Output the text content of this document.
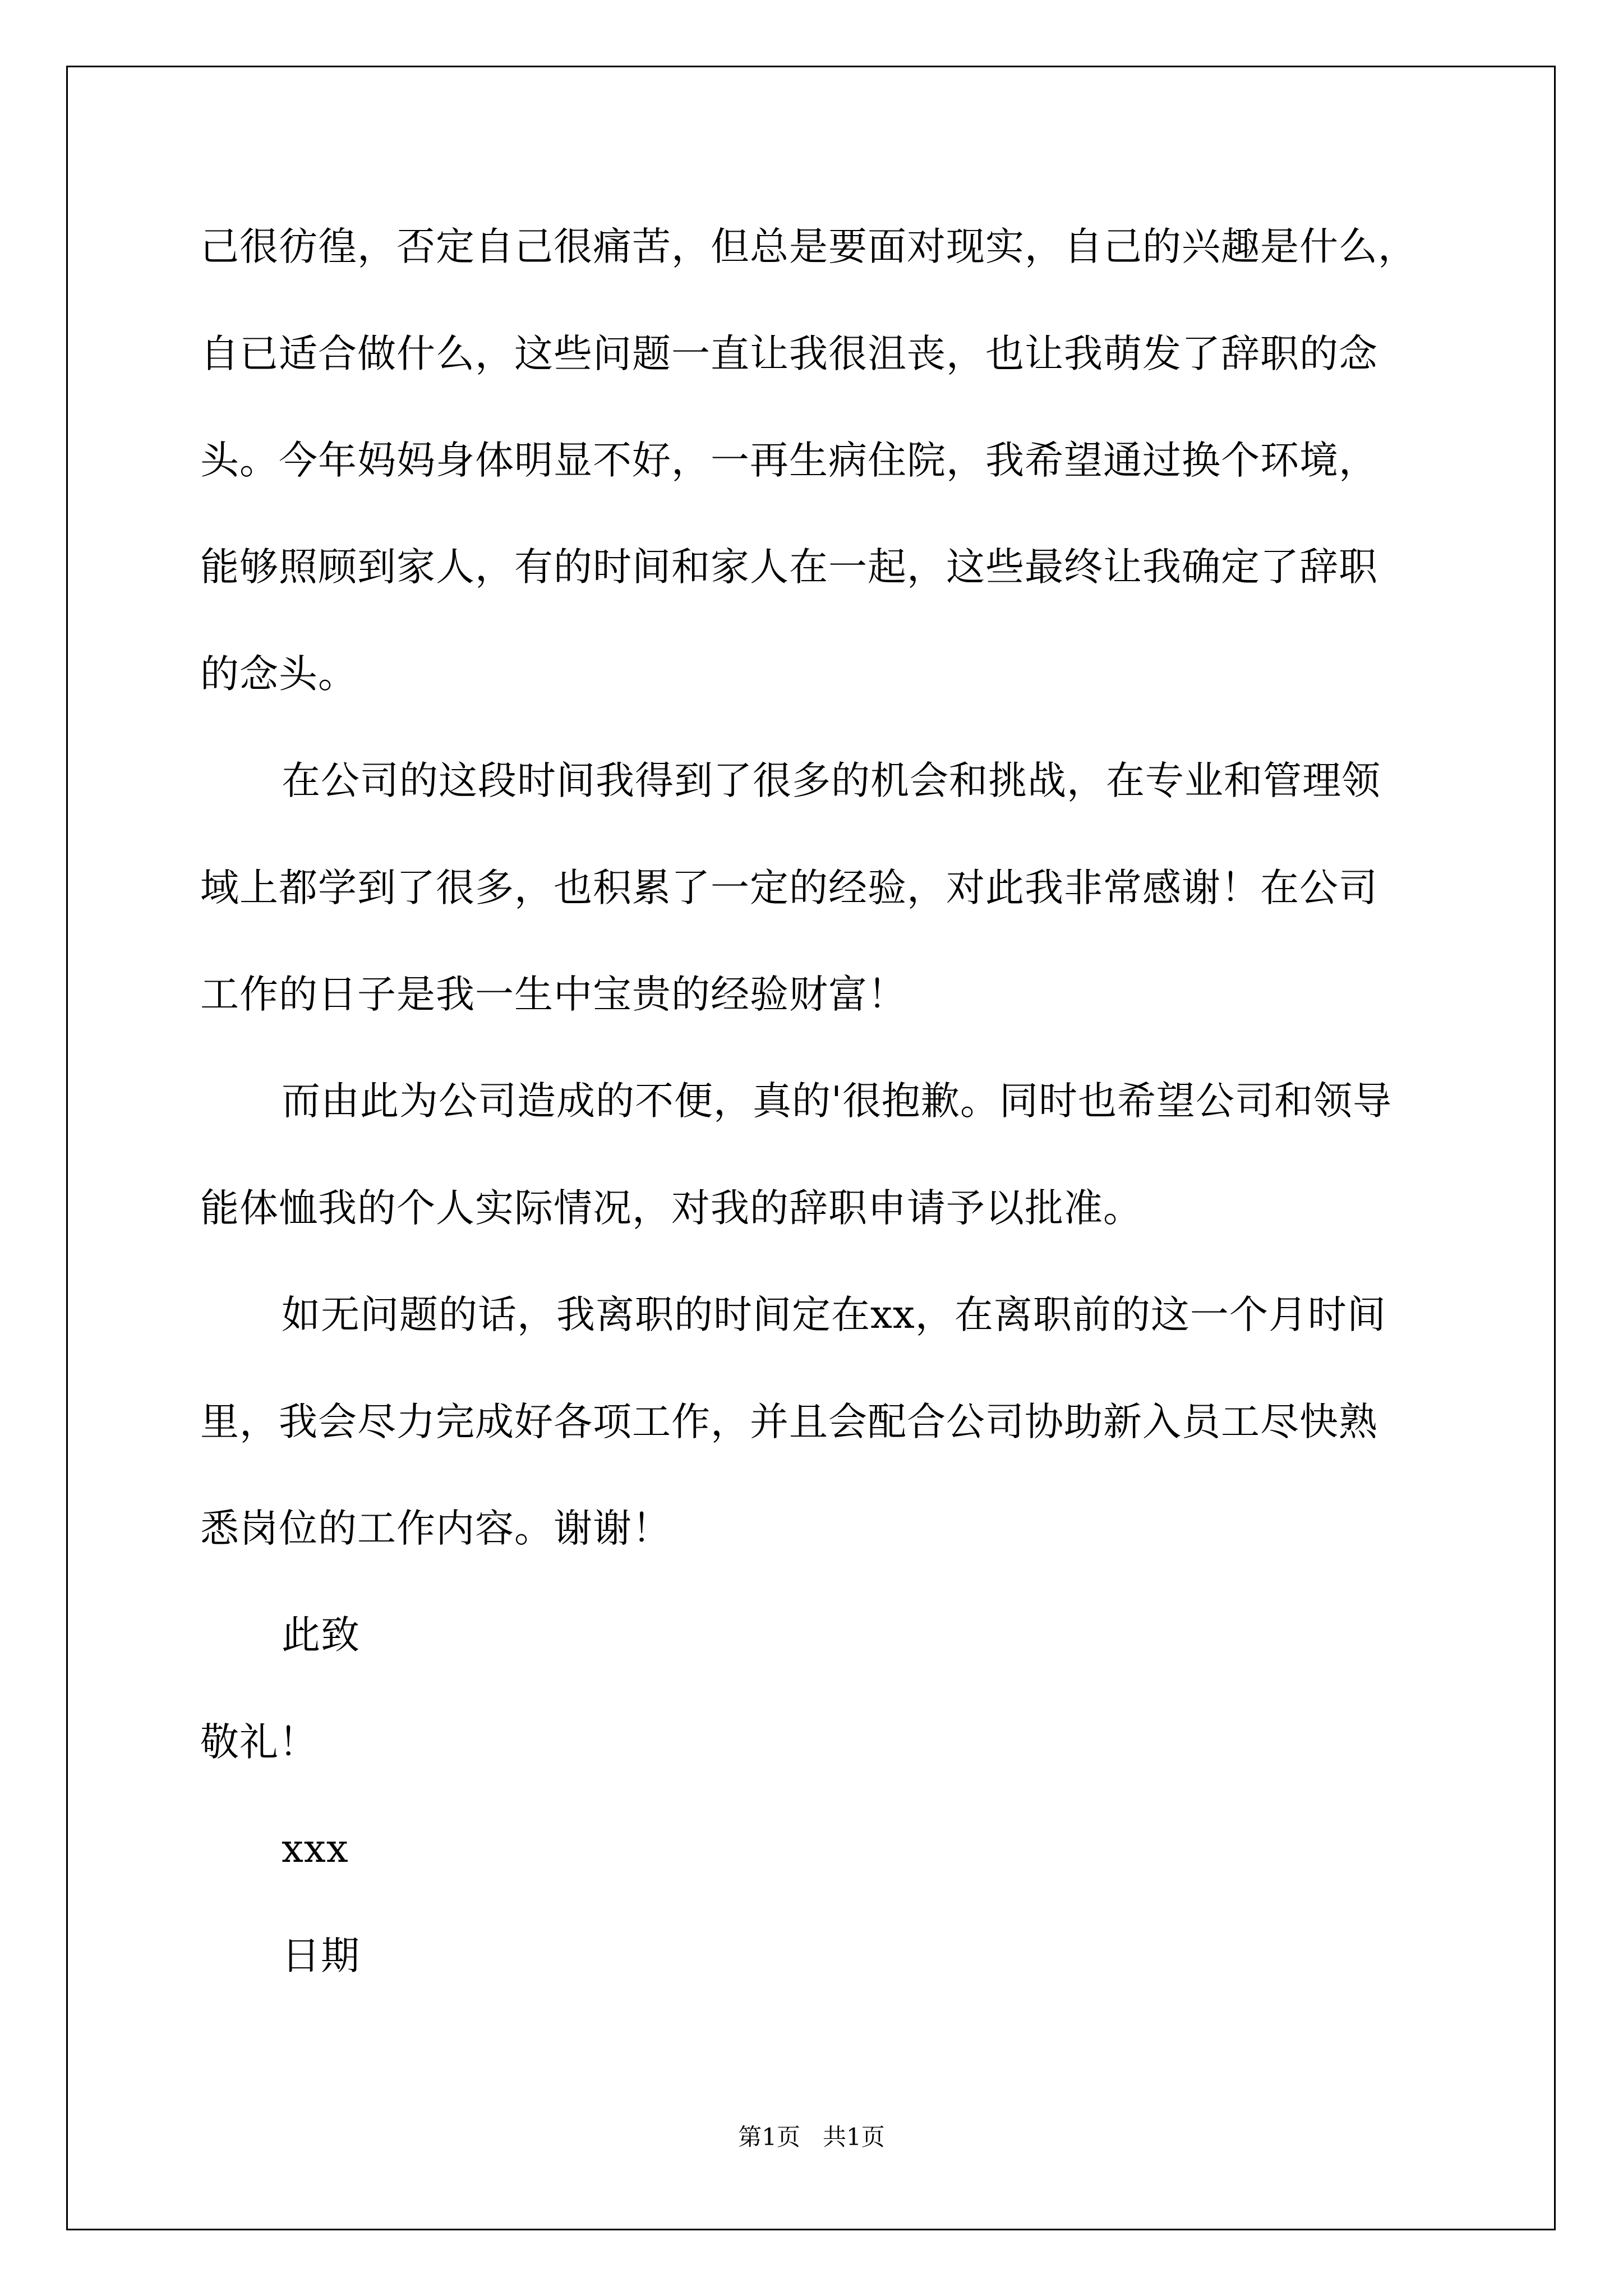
己很彷徨，否定自己很痛苦，但总是要面对现实，自己的兴趣是什么，
自已适合做什么，这些问题一直让我很沮丧，也让我萌发了辞职的念
头。今年妈妈身体明显不好，一再生病住院，我希望通过换个环境，
能够照顾到家人，有的时间和家人在一起，这些最终让我确定了辞职
的念头。
在公司的这段时间我得到了很多的机会和挑战，在专业和管理领
域上都学到了很多，也积累了一定的经验，对此我非常感谢！在公司
工作的日子是我一生中宝贵的经验财富！
而由此为公司造成的不便，真的'很抱歉。同时也希望公司和领导
能体恤我的个人实际情况，对我的辞职申请予以批准。
如无问题的话，我离职的时间定在xx，在离职前的这一个月时间
里，我会尽力完成好各项工作，并且会配合公司协助新入员工尽快熟
悉岗位的工作内容。谢谢！
此致
敬礼！
xxx
日期
第1页   共1页
